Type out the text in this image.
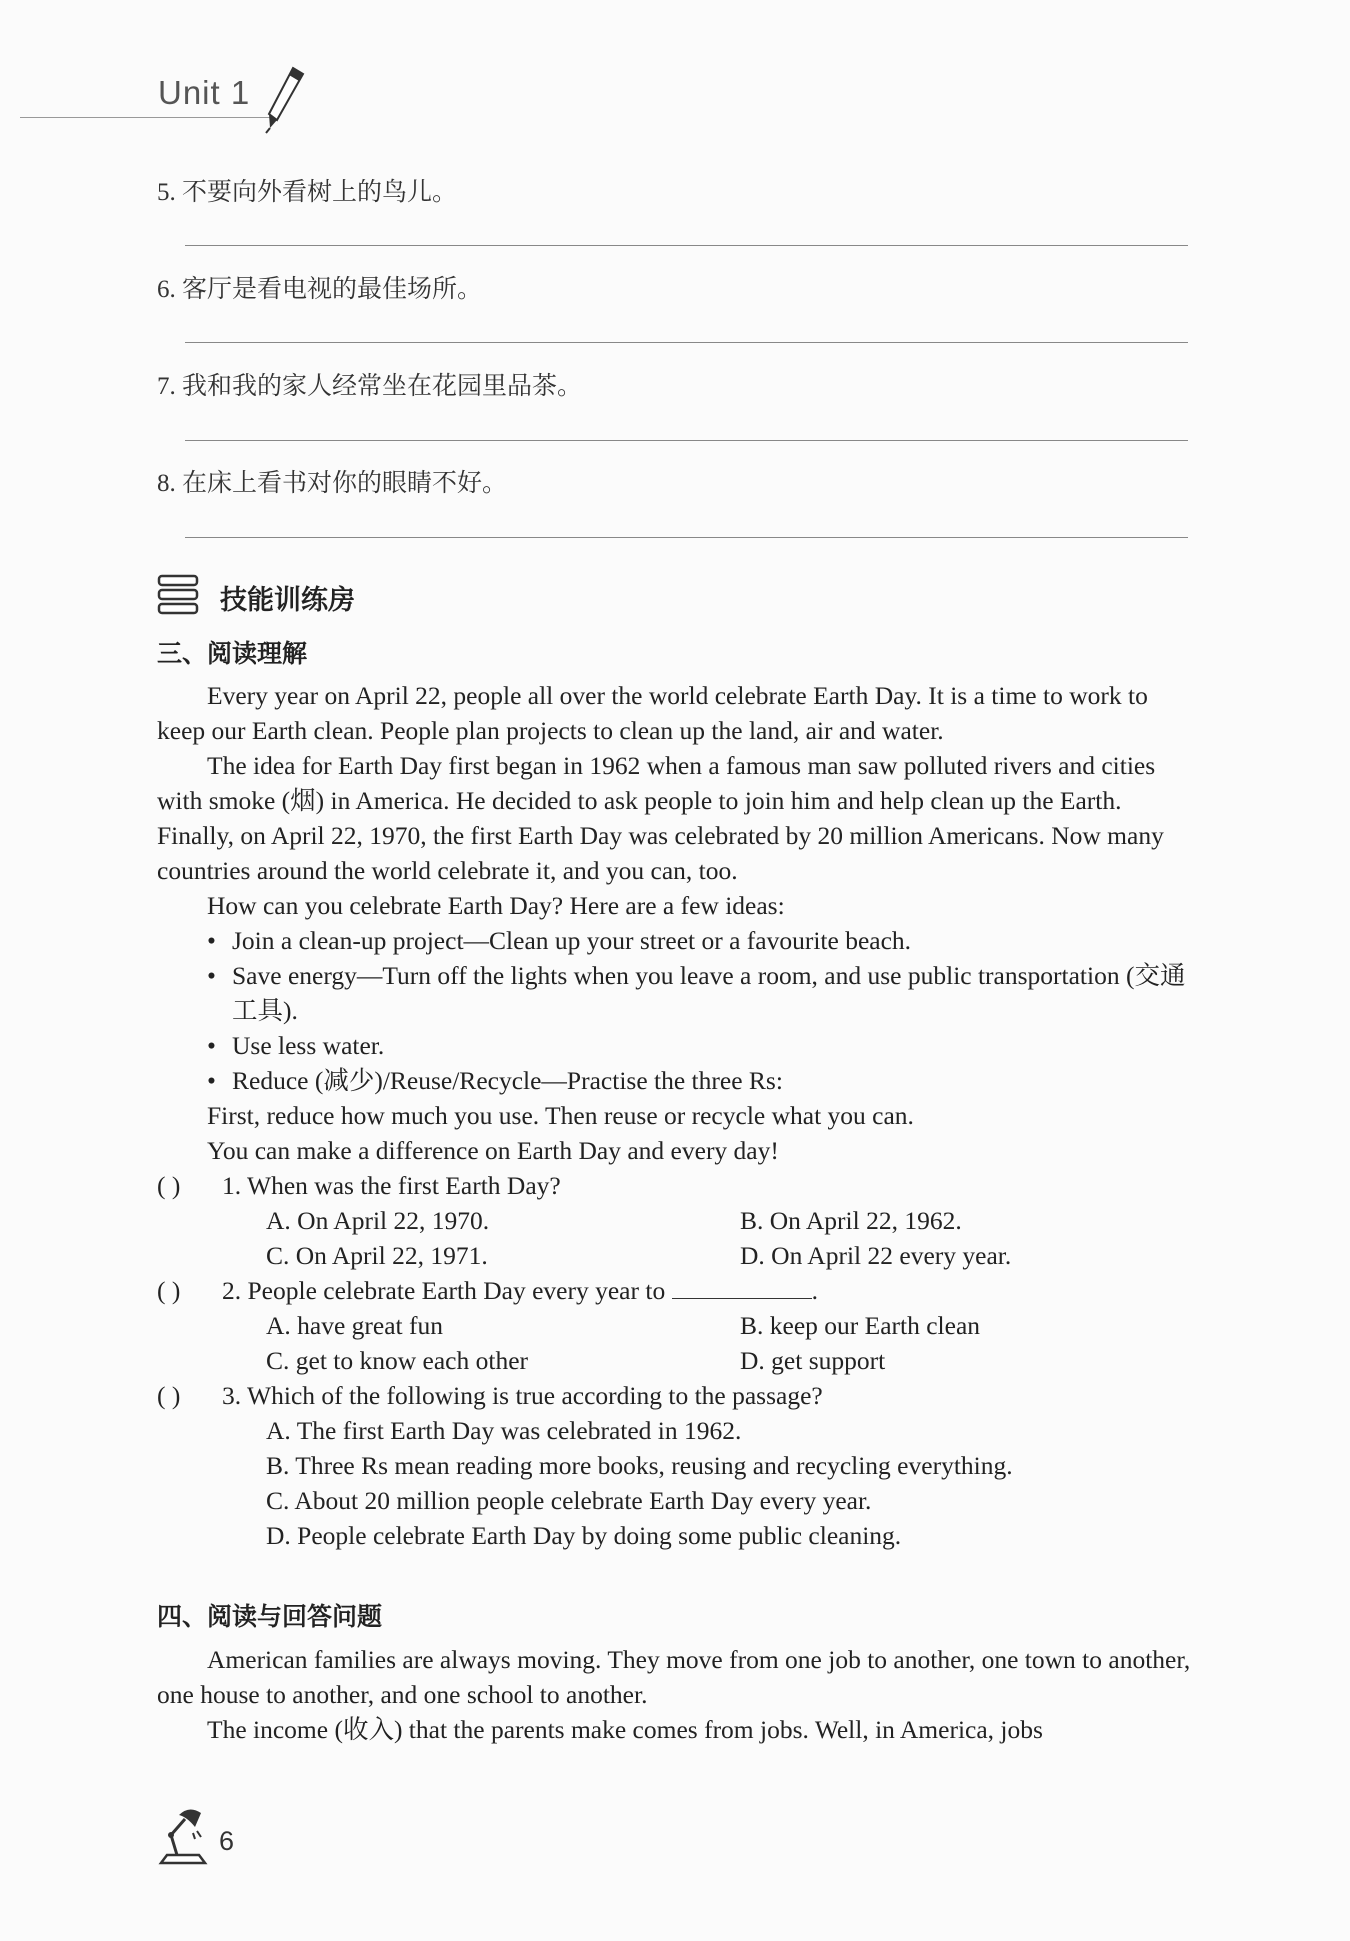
Unit 1
5. 不要向外看树上的鸟儿。
6. 客厅是看电视的最佳场所。
7. 我和我的家人经常坐在花园里品茶。
8. 在床上看书对你的眼睛不好。
技能训练房
三、阅读理解

Every year on April 22, people all over the world celebrate Earth Day. It is a time to work to keep our Earth clean. People plan projects to clean up the land, air and water.

The idea for Earth Day first began in 1962 when a famous man saw polluted rivers and cities with smoke (烟) in America. He decided to ask people to join him and help clean up the Earth. Finally, on April 22, 1970, the first Earth Day was celebrated by 20 million Americans. Now many countries around the world celebrate it, and you can, too.

How can you celebrate Earth Day? Here are a few ideas:

• Join a clean-up project—Clean up your street or a favourite beach.
• Save energy—Turn off the lights when you leave a room, and use public transportation (交通工具).
• Use less water.
• Reduce (减少)/Reuse/Recycle—Practise the three Rs:

First, reduce how much you use. Then reuse or recycle what you can.

You can make a difference on Earth Day and every day!

( ) 1. When was the first Earth Day?
A. On April 22, 1970.	B. On April 22, 1962.
C. On April 22, 1971.	D. On April 22 every year.
( ) 2. People celebrate Earth Day every year to	.
A. have great fun	B. keep our Earth clean
C. get to know each other	D. get support
( ) 3. Which of the following is true according to the passage?
A. The first Earth Day was celebrated in 1962.
B. Three Rs mean reading more books, reusing and recycling everything.
C. About 20 million people celebrate Earth Day every year.
D. People celebrate Earth Day by doing some public cleaning.
四、阅读与回答问题

American families are always moving. They move from one job to another, one town to another, one house to another, and one school to another.

The income (收入) that the parents make comes from jobs. Well, in America, jobs

6
